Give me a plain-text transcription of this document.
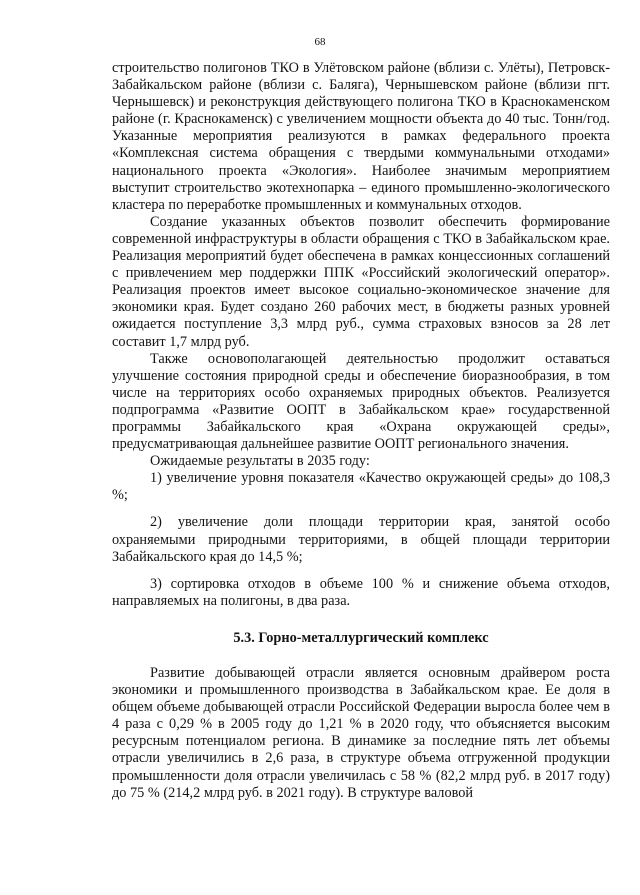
68

строительство полигонов ТКО в Улётовском районе (вблизи с. Улёты), Петровск-Забайкальском районе (вблизи с. Баляга), Чернышевском районе (вблизи пгт. Чернышевск) и реконструкция действующего полигона ТКО в Краснокаменском районе (г. Краснокаменск) с увеличением мощности объекта до 40 тыс. Тонн/год. Указанные мероприятия реализуются в рамках федерального проекта «Комплексная система обращения с твердыми коммунальными отходами» национального проекта «Экология». Наиболее значимым мероприятием выступит строительство экотехнопарка – единого промышленно-экологического кластера по переработке промышленных и коммунальных отходов.

Создание указанных объектов позволит обеспечить формирование современной инфраструктуры в области обращения с ТКО в Забайкальском крае. Реализация мероприятий будет обеспечена в рамках концессионных соглашений с привлечением мер поддержки ППК «Российский экологический оператор». Реализация проектов имеет высокое социально-экономическое значение для экономики края. Будет создано 260 рабочих мест, в бюджеты разных уровней ожидается поступление 3,3 млрд руб., сумма страховых взносов за 28 лет составит 1,7 млрд руб.

Также основополагающей деятельностью продолжит оставаться улучшение состояния природной среды и обеспечение биоразнообразия, в том числе на территориях особо охраняемых природных объектов. Реализуется подпрограмма «Развитие ООПТ в Забайкальском крае» государственной программы Забайкальского края «Охрана окружающей среды», предусматривающая дальнейшее развитие ООПТ регионального значения.

Ожидаемые результаты в 2035 году:

1) увеличение уровня показателя «Качество окружающей среды» до 108,3 %;

2) увеличение доли площади территории края, занятой особо охраняемыми природными территориями, в общей площади территории Забайкальского края до 14,5 %;

3) сортировка отходов в объеме 100 % и снижение объема отходов, направляемых на полигоны, в два раза.

5.3. Горно-металлургический комплекс

Развитие добывающей отрасли является основным драйвером роста экономики и промышленного производства в Забайкальском крае. Ее доля в общем объеме добывающей отрасли Российской Федерации выросла более чем в 4 раза с 0,29 % в 2005 году до 1,21 % в 2020 году, что объясняется высоким ресурсным потенциалом региона. В динамике за последние пять лет объемы отрасли увеличились в 2,6 раза, в структуре объема отгруженной продукции промышленности доля отрасли увеличилась с 58 % (82,2 млрд руб. в 2017 году) до 75 % (214,2 млрд руб. в 2021 году). В структуре валовой
